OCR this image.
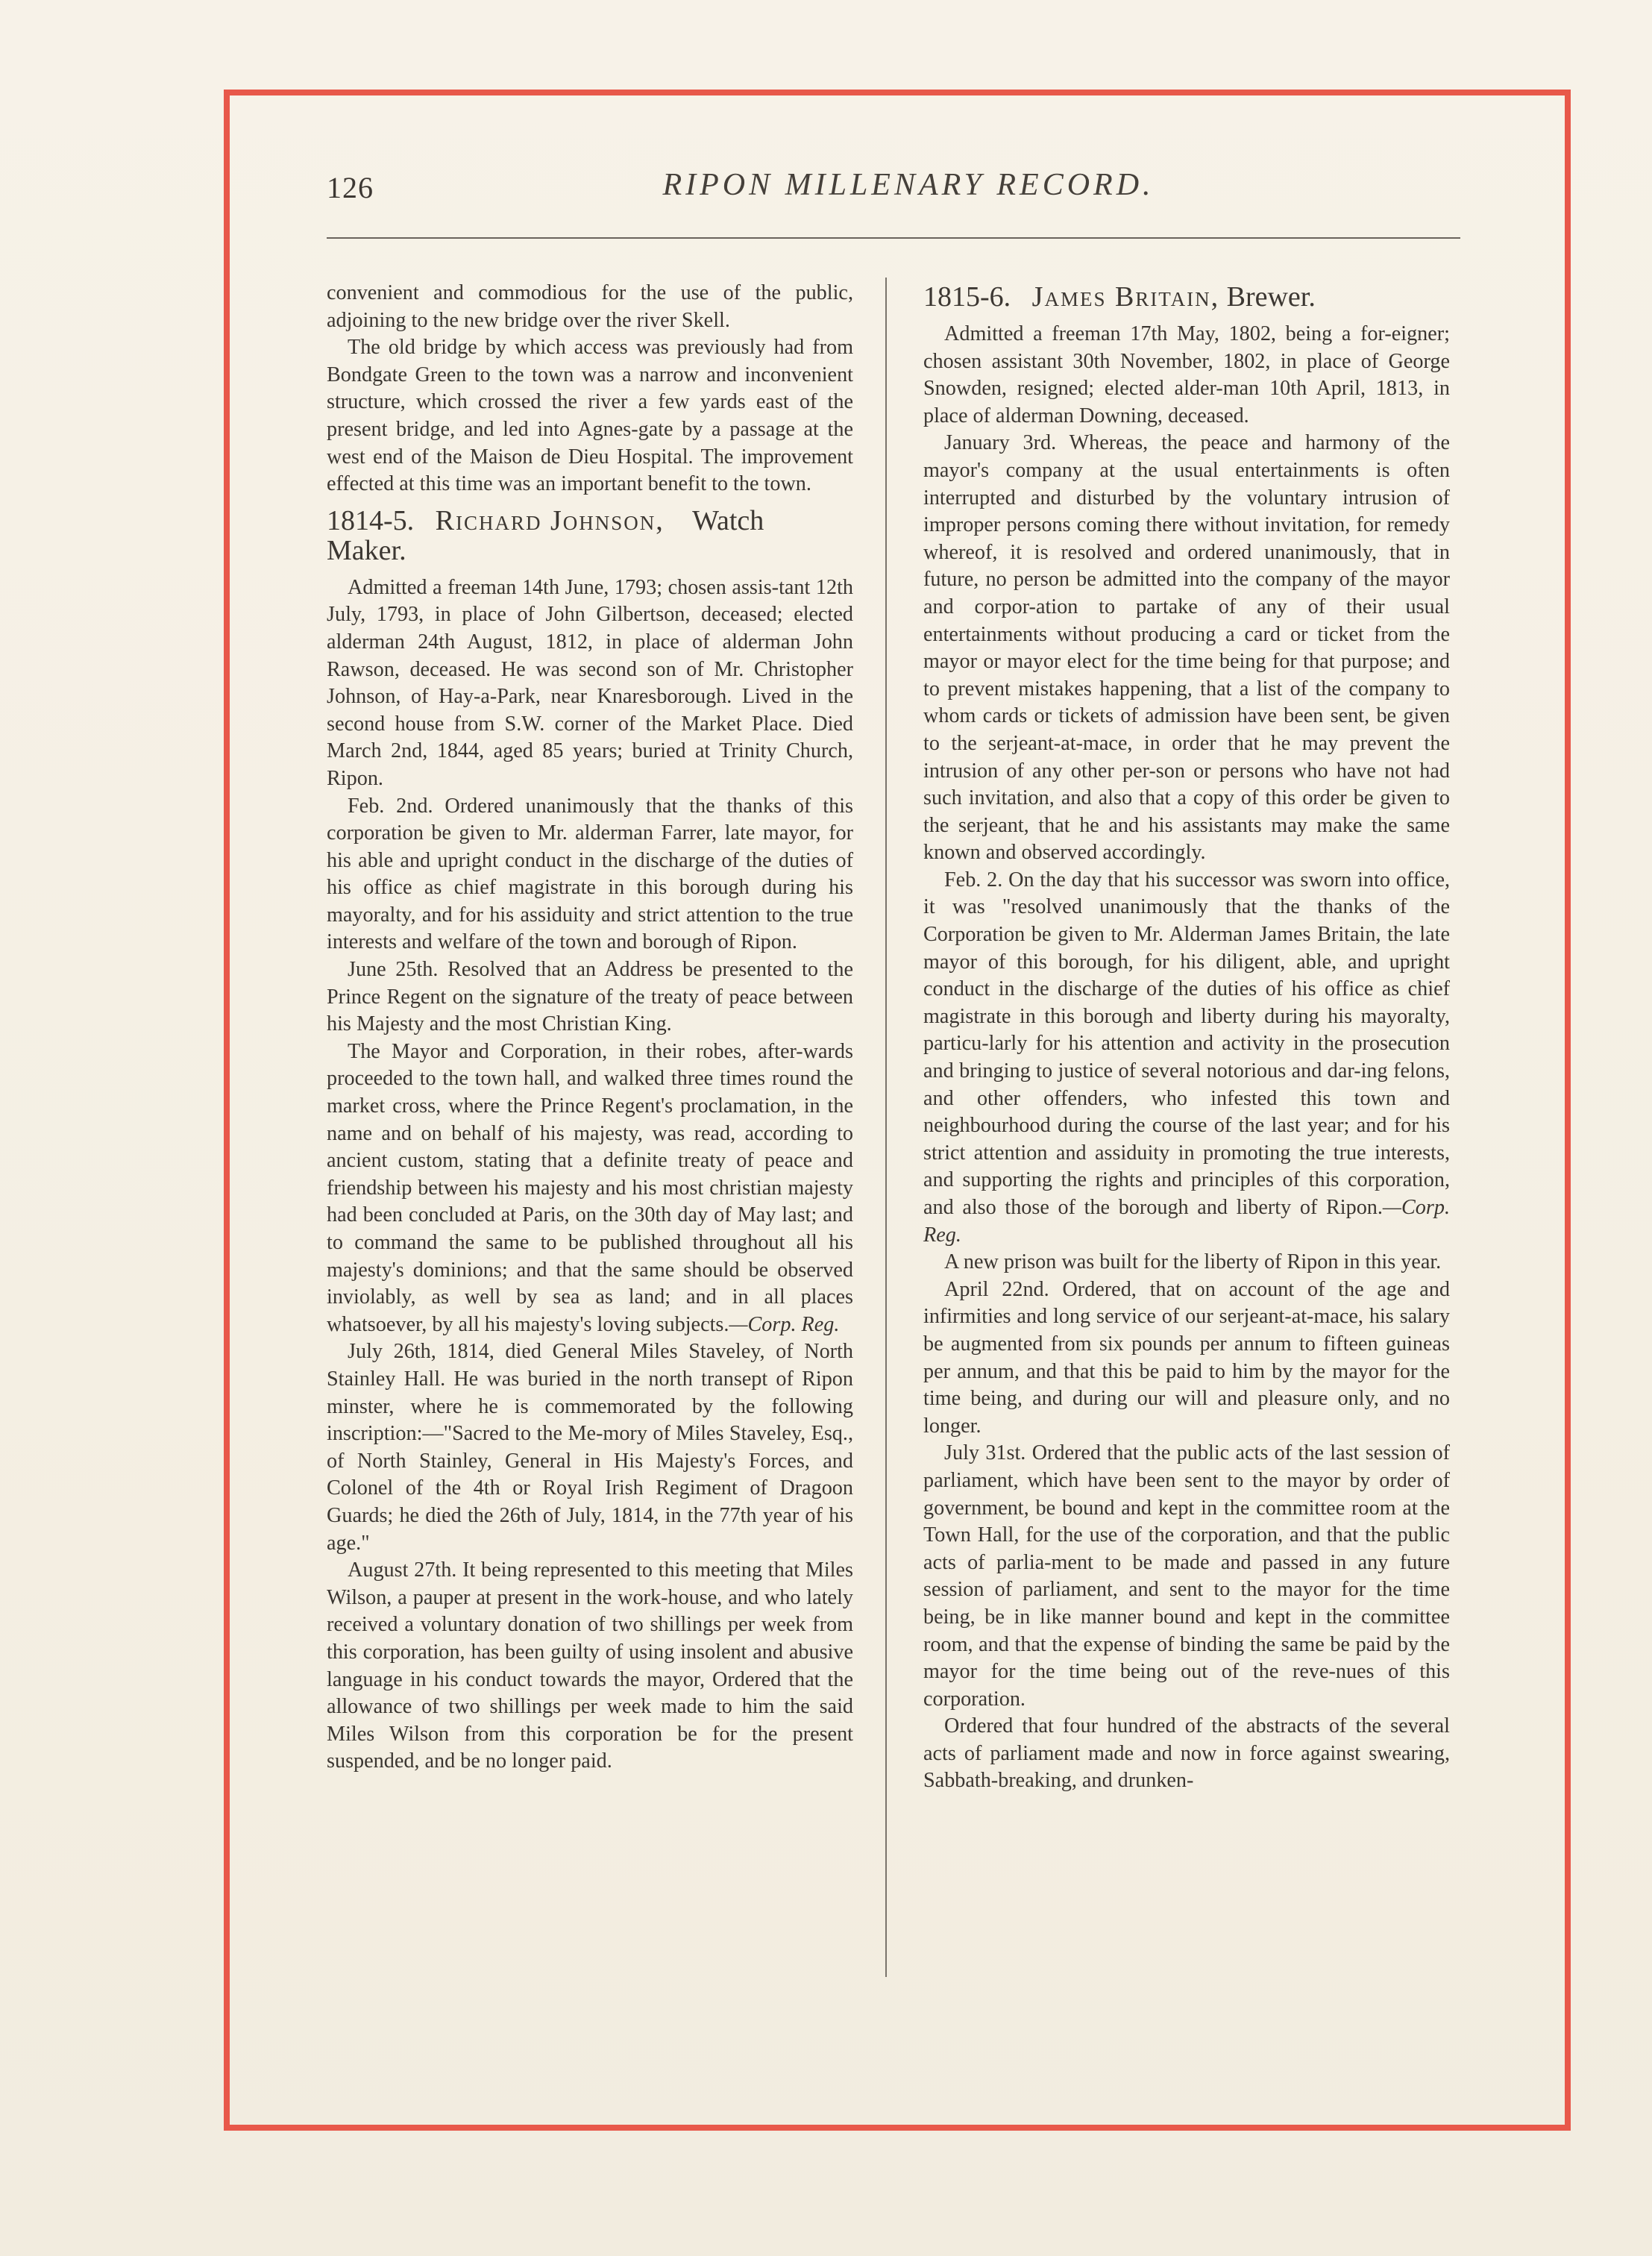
126	RIPON MILLENARY RECORD.

convenient and commodious for the use of the public, adjoining to the new bridge over the river Skell.

The old bridge by which access was previously had from Bondgate Green to the town was a narrow and inconvenient structure, which crossed the river a few yards east of the present bridge, and led into Agnes-gate by a passage at the west end of the Maison de Dieu Hospital. The improvement effected at this time was an important benefit to the town.

1814-5. Richard Johnson, Watch
Maker.

Admitted a freeman 14th June, 1793; chosen assis-tant 12th July, 1793, in place of John Gilbertson, deceased; elected alderman 24th August, 1812, in place of alderman John Rawson, deceased. He was second son of Mr. Christopher Johnson, of Hay-a-Park, near Knaresborough. Lived in the second house from S.W. corner of the Market Place. Died March 2nd, 1844, aged 85 years; buried at Trinity Church, Ripon.

Feb. 2nd. Ordered unanimously that the thanks of this corporation be given to Mr. alderman Farrer, late mayor, for his able and upright conduct in the discharge of the duties of his office as chief magistrate in this borough during his mayoralty, and for his assiduity and strict attention to the true interests and welfare of the town and borough of Ripon.

June 25th. Resolved that an Address be presented to the Prince Regent on the signature of the treaty of peace between his Majesty and the most Christian King.

The Mayor and Corporation, in their robes, after-wards proceeded to the town hall, and walked three times round the market cross, where the Prince Regent's proclamation, in the name and on behalf of his majesty, was read, according to ancient custom, stating that a definite treaty of peace and friendship between his majesty and his most christian majesty had been concluded at Paris, on the 30th day of May last; and to command the same to be published throughout all his majesty's dominions; and that the same should be observed inviolably, as well by sea as land; and in all places whatsoever, by all his majesty's loving subjects.—Corp. Reg.

July 26th, 1814, died General Miles Staveley, of North Stainley Hall. He was buried in the north transept of Ripon minster, where he is commemorated by the following inscription:—"Sacred to the Me-mory of Miles Staveley, Esq., of North Stainley, General in His Majesty's Forces, and Colonel of the 4th or Royal Irish Regiment of Dragoon Guards; he died the 26th of July, 1814, in the 77th year of his age."

August 27th. It being represented to this meeting that Miles Wilson, a pauper at present in the work-house, and who lately received a voluntary donation of two shillings per week from this corporation, has been guilty of using insolent and abusive language in his conduct towards the mayor, Ordered that the allowance of two shillings per week made to him the said Miles Wilson from this corporation be for the present suspended, and be no longer paid.

1815-6. James Britain, Brewer.

Admitted a freeman 17th May, 1802, being a for-eigner; chosen assistant 30th November, 1802, in place of George Snowden, resigned; elected alder-man 10th April, 1813, in place of alderman Downing, deceased.

January 3rd. Whereas, the peace and harmony of the mayor's company at the usual entertainments is often interrupted and disturbed by the voluntary intrusion of improper persons coming there without invitation, for remedy whereof, it is resolved and ordered unanimously, that in future, no person be admitted into the company of the mayor and corpor-ation to partake of any of their usual entertainments without producing a card or ticket from the mayor or mayor elect for the time being for that purpose; and to prevent mistakes happening, that a list of the company to whom cards or tickets of admission have been sent, be given to the serjeant-at-mace, in order that he may prevent the intrusion of any other per-son or persons who have not had such invitation, and also that a copy of this order be given to the serjeant, that he and his assistants may make the same known and observed accordingly.

Feb. 2. On the day that his successor was sworn into office, it was "resolved unanimously that the thanks of the Corporation be given to Mr. Alderman James Britain, the late mayor of this borough, for his diligent, able, and upright conduct in the discharge of the duties of his office as chief magistrate in this borough and liberty during his mayoralty, particu-larly for his attention and activity in the prosecution and bringing to justice of several notorious and dar-ing felons, and other offenders, who infested this town and neighbourhood during the course of the last year; and for his strict attention and assiduity in promoting the true interests, and supporting the rights and principles of this corporation, and also those of the borough and liberty of Ripon.—Corp. Reg.

A new prison was built for the liberty of Ripon in this year.

April 22nd. Ordered, that on account of the age and infirmities and long service of our serjeant-at-mace, his salary be augmented from six pounds per annum to fifteen guineas per annum, and that this be paid to him by the mayor for the time being, and during our will and pleasure only, and no longer.

July 31st. Ordered that the public acts of the last session of parliament, which have been sent to the mayor by order of government, be bound and kept in the committee room at the Town Hall, for the use of the corporation, and that the public acts of parlia-ment to be made and passed in any future session of parliament, and sent to the mayor for the time being, be in like manner bound and kept in the committee room, and that the expense of binding the same be paid by the mayor for the time being out of the reve-nues of this corporation.

Ordered that four hundred of the abstracts of the several acts of parliament made and now in force against swearing, Sabbath-breaking, and drunken-
